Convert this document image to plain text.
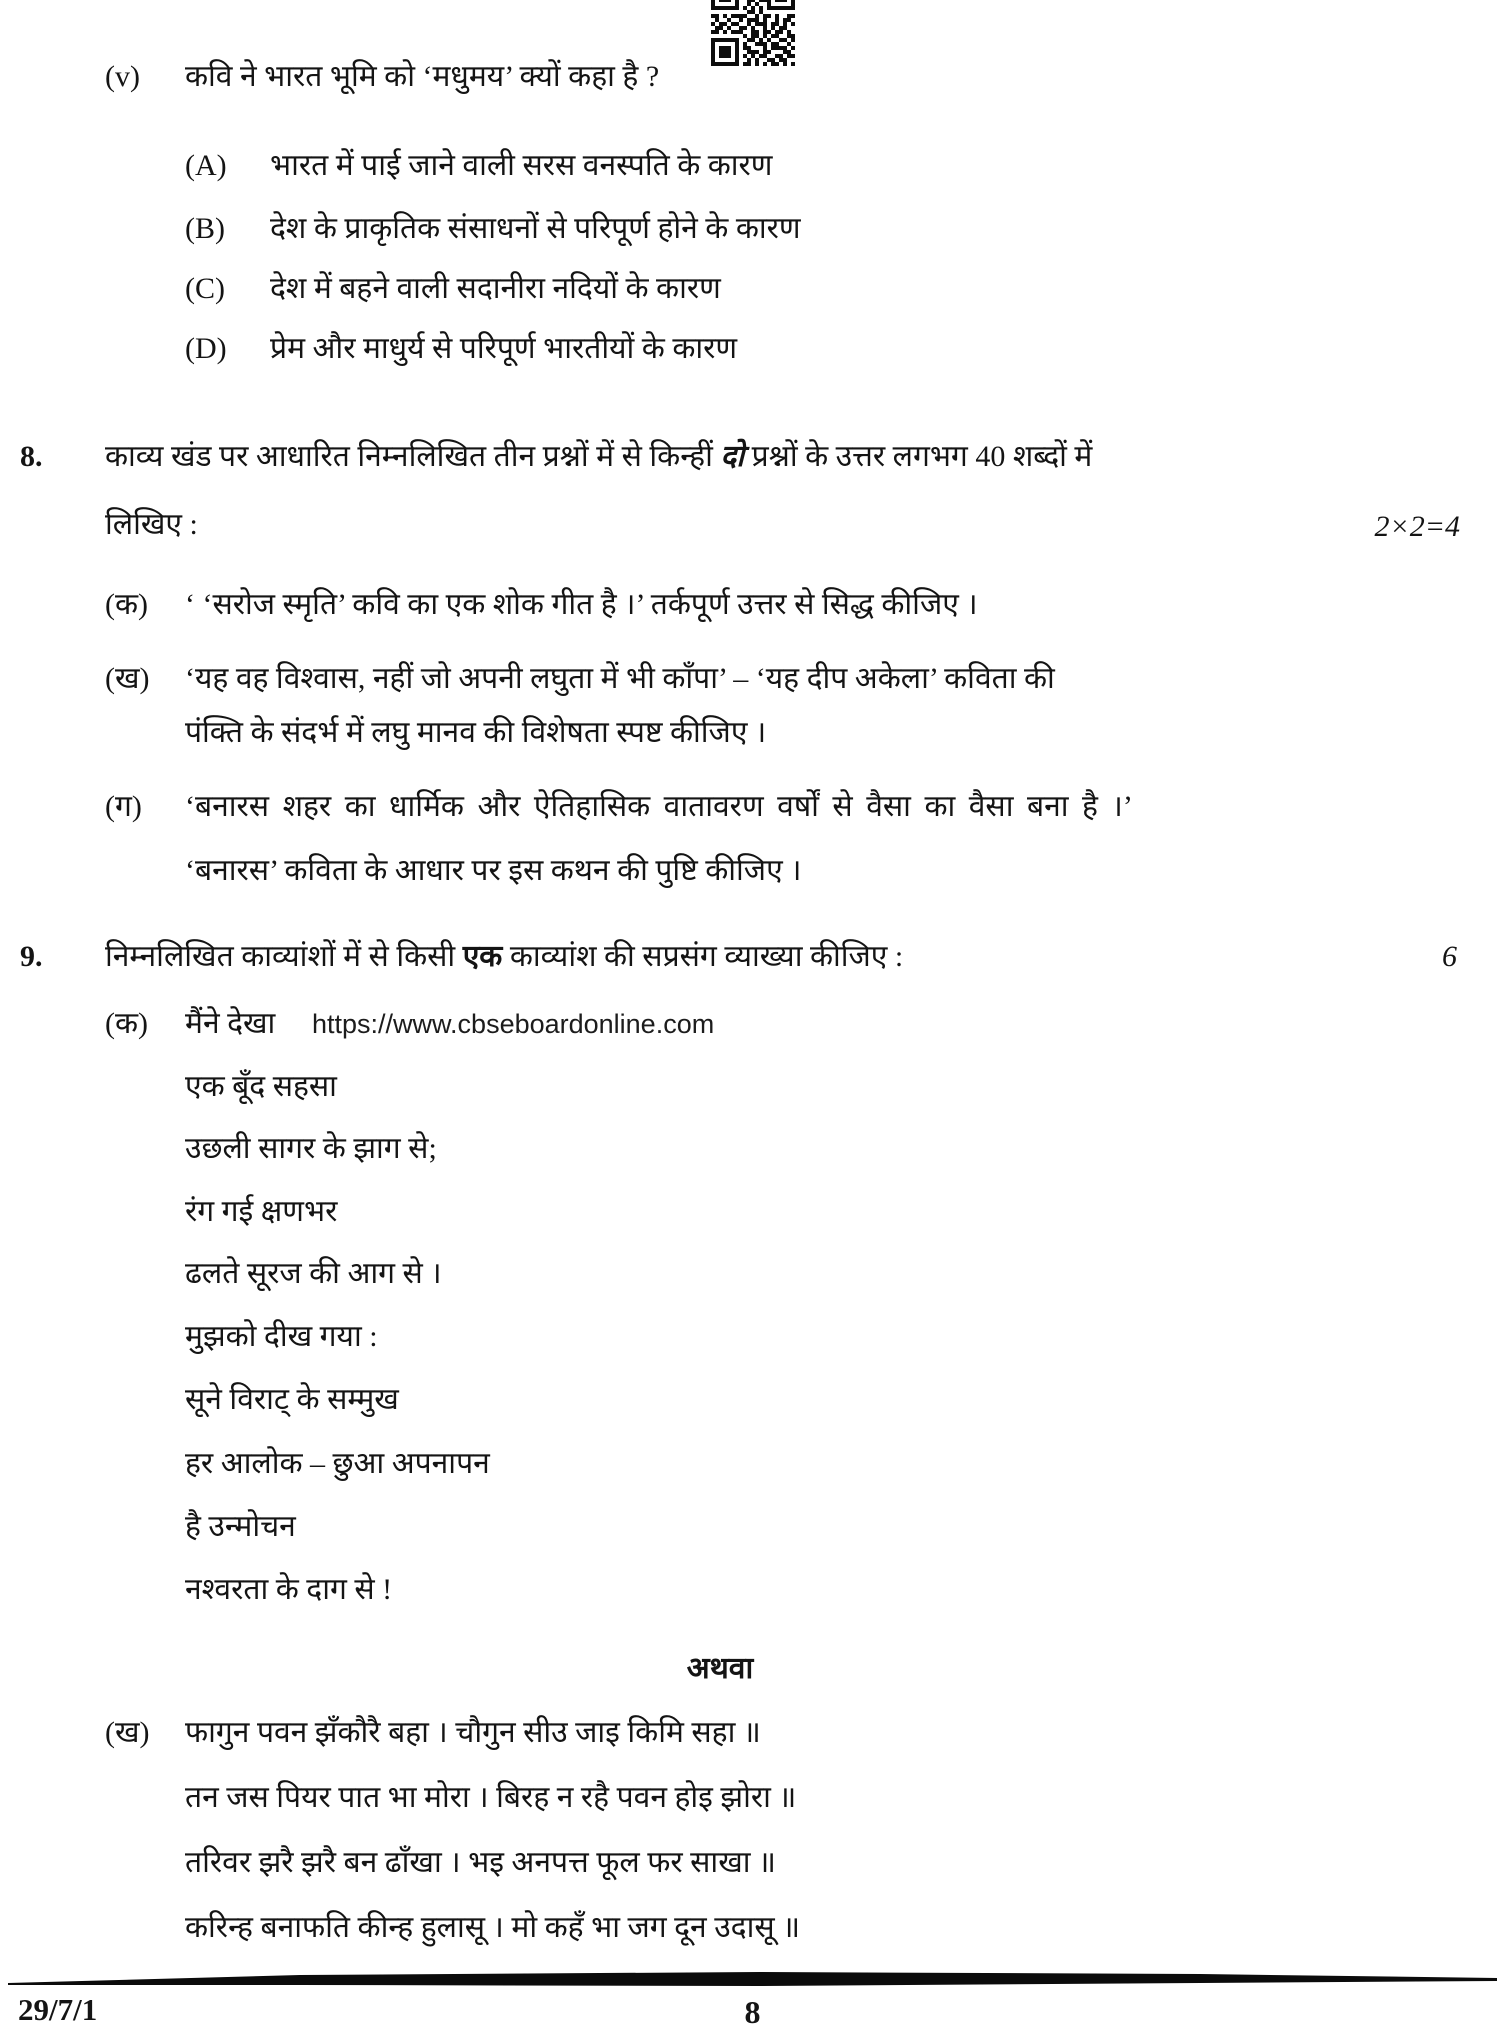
(v) कवि ने भारत भूमि को ‘मधुमय’ क्यों कहा है ?
(A) भारत में पाई जाने वाली सरस वनस्पति के कारण
(B) देश के प्राकृतिक संसाधनों से परिपूर्ण होने के कारण
(C) देश में बहने वाली सदानीरा नदियों के कारण
(D) प्रेम और माधुर्य से परिपूर्ण भारतीयों के कारण
8. काव्य खंड पर आधारित निम्नलिखित तीन प्रश्नों में से किन्हीं दो प्रश्नों के उत्तर लगभग 40 शब्दों में
लिखिए :	2×2=4
(क) ‘ ‘सरोज स्मृति’ कवि का एक शोक गीत है ।’ तर्कपूर्ण उत्तर से सिद्ध कीजिए ।
(ख) ‘यह वह विश्वास, नहीं जो अपनी लघुता में भी काँपा’ – ‘यह दीप अकेला’ कविता की
पंक्ति के संदर्भ में लघु मानव की विशेषता स्पष्ट कीजिए ।
(ग) ‘बनारस शहर का धार्मिक और ऐतिहासिक वातावरण वर्षों से वैसा का वैसा बना है ।’
‘बनारस’ कविता के आधार पर इस कथन की पुष्टि कीजिए ।
9. निम्नलिखित काव्यांशों में से किसी एक काव्यांश की सप्रसंग व्याख्या कीजिए :	6
(क) मैंने देखा https://www.cbseboardonline.com
एक बूँद सहसा
उछली सागर के झाग से;
रंग गई क्षणभर
ढलते सूरज की आग से ।
मुझको दीख गया :
सूने विराट् के सम्मुख
हर आलोक – छुआ अपनापन
है उन्मोचन
नश्वरता के दाग से !
अथवा
(ख) फागुन पवन झँकौरै बहा । चौगुन सीउ जाइ किमि सहा ॥
तन जस पियर पात भा मोरा । बिरह न रहै पवन होइ झोरा ॥
तरिवर झरै झरै बन ढाँखा । भइ अनपत्त फूल फर साखा ॥
करिन्ह बनाफति कीन्ह हुलासू । मो कहँ भा जग दून उदासू ॥
29/7/1	8
